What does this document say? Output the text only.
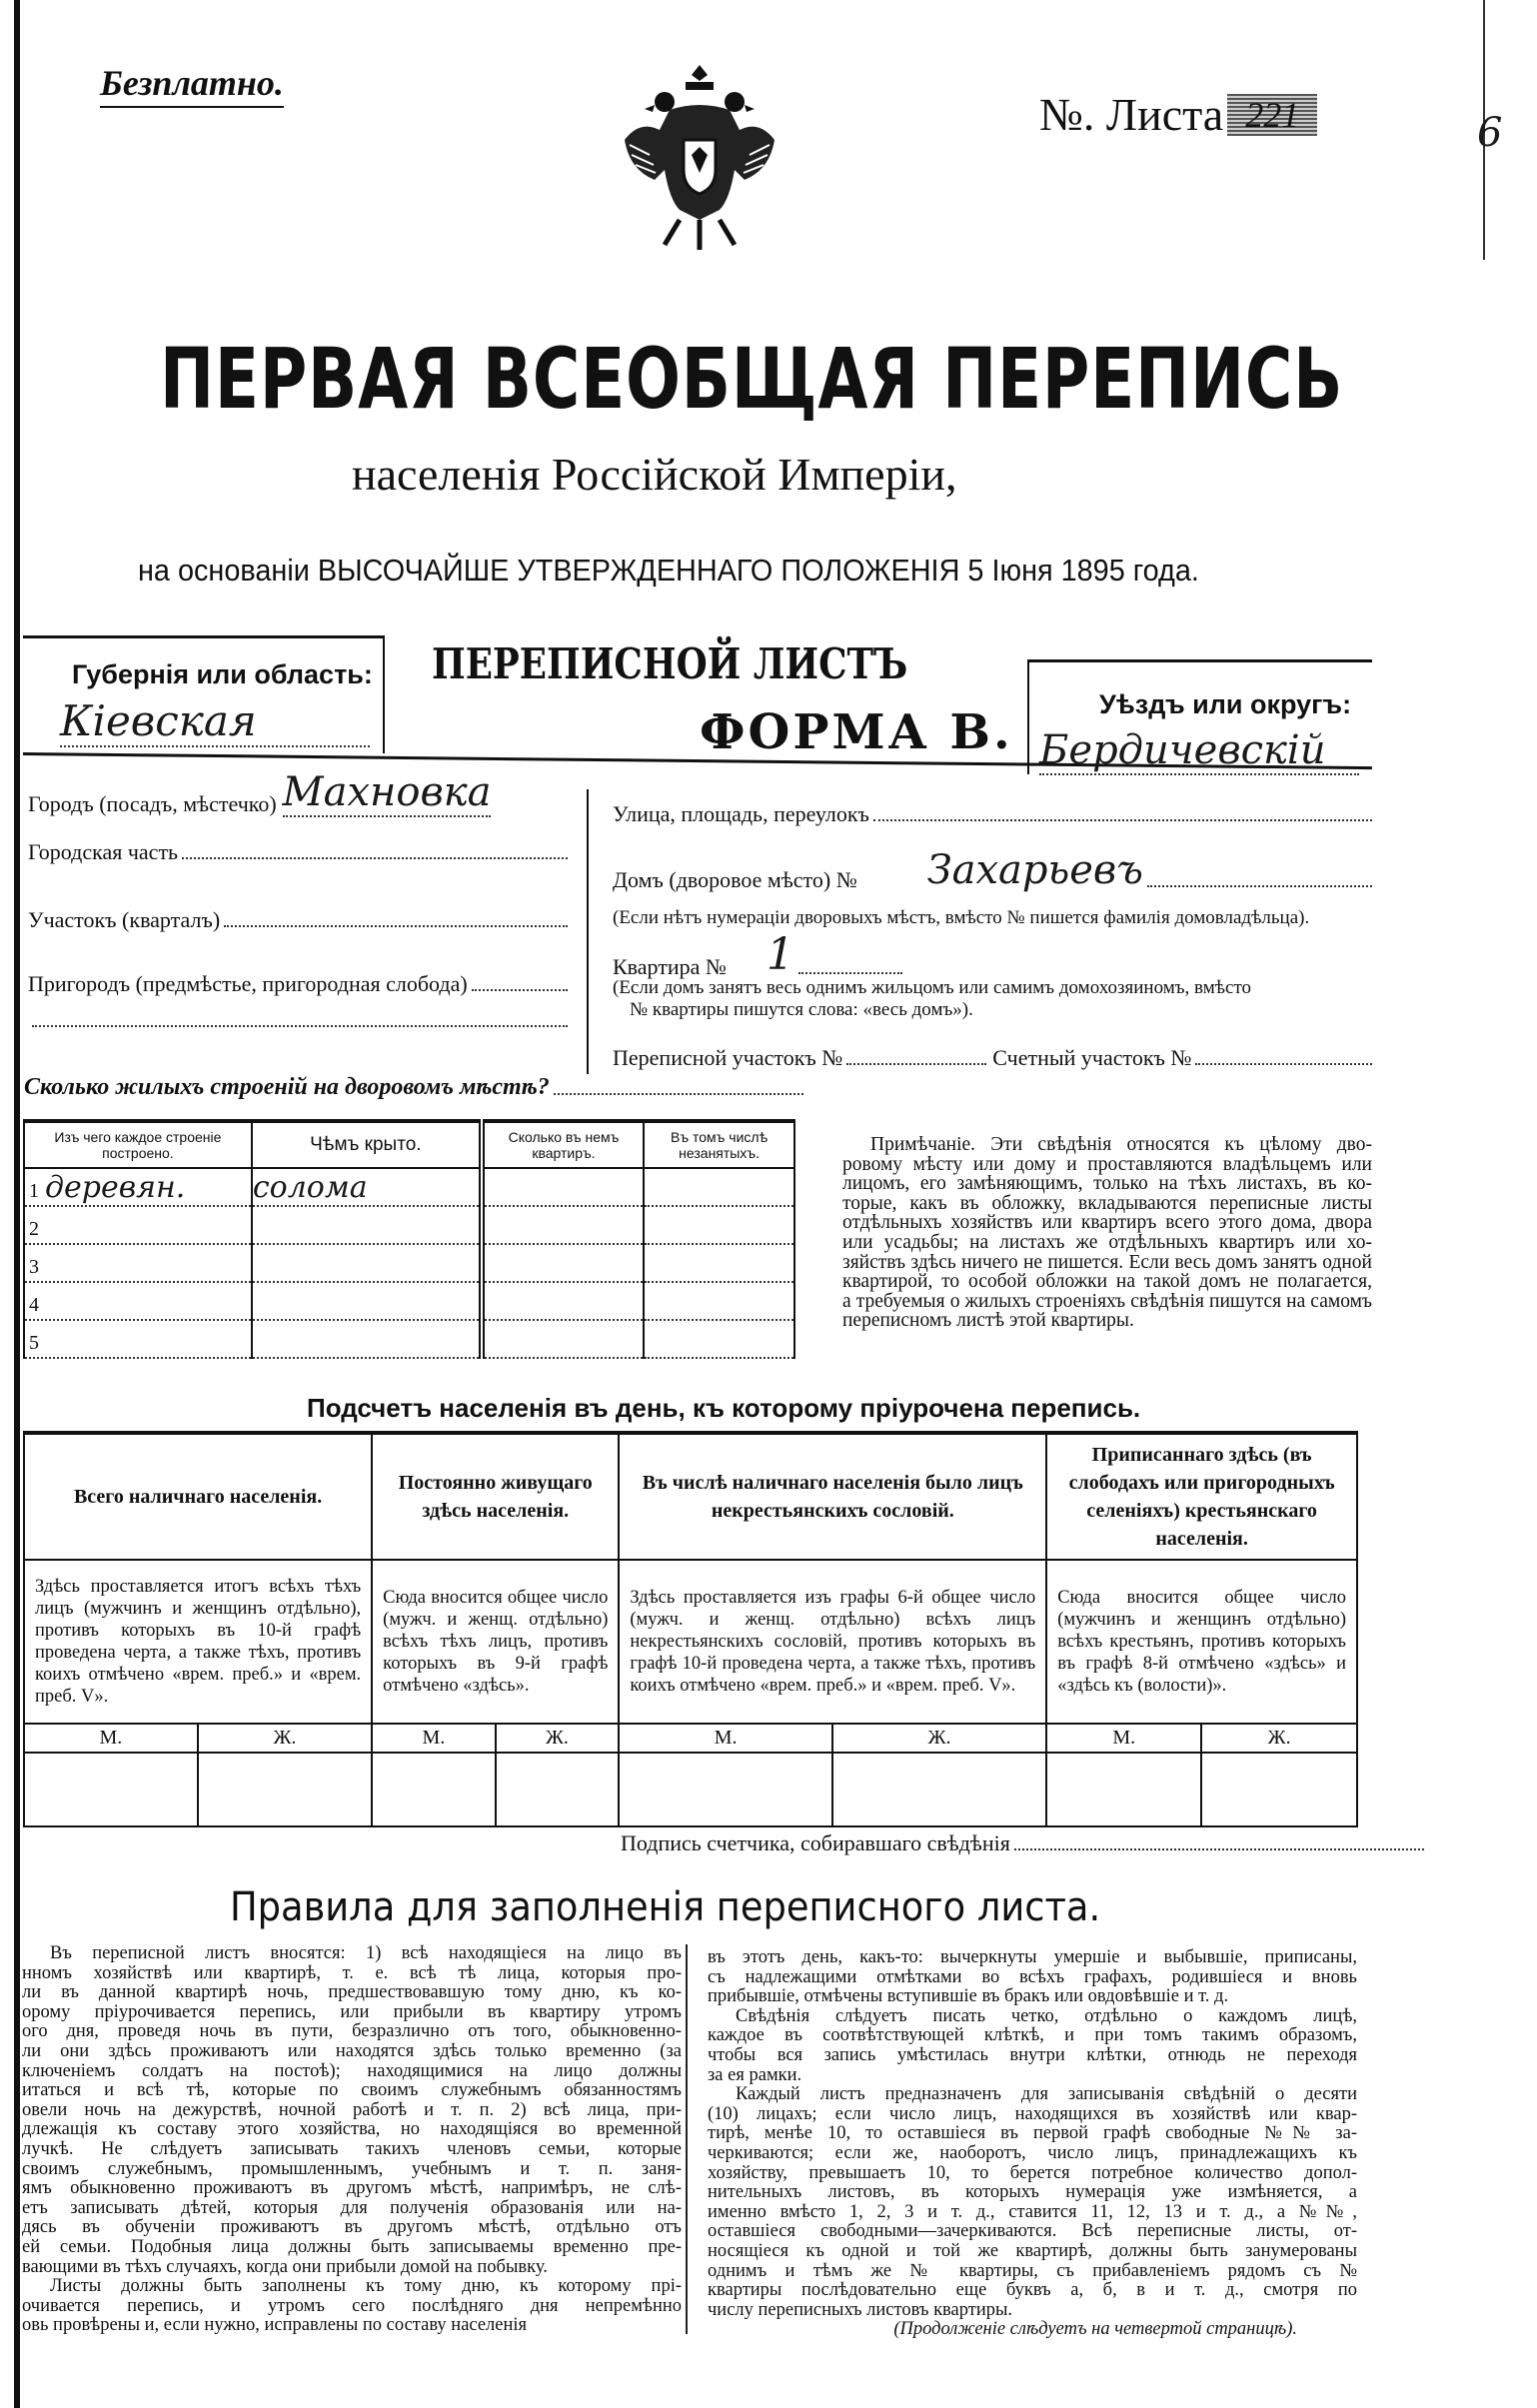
Безплатно.
№. Листа 221	6
ПЕРВАЯ ВСЕОБЩАЯ ПЕРЕПИСЬ
населенія Россійской Имперіи,
на основаніи ВЫСОЧАЙШЕ УТВЕРЖДЕННАГО ПОЛОЖЕНІЯ 5 Іюня 1895 года.
Губернія или область:
Кіевская
ПЕРЕПИСНОЙ ЛИСТЪ
ФОРМА В.	Уѣздъ или округъ:
Бердичевскій
Городъ (посадъ, мѣстечко) Махновка
Городская часть
Участокъ (кварталъ)
Пригородъ (предмѣстье, пригородная слобода)
Улица, площадь, переулокъ
Домъ (дворовое мѣсто) № Захарьевъ
(Если нѣтъ нумераціи дворовыхъ мѣстъ, вмѣсто № пишется фамилія домовладѣльца).
Квартира № 1
(Если домъ занятъ весь однимъ жильцомъ или самимъ домохозяиномъ, вмѣсто
№ квартиры пишутся слова: «весь домъ»).
Переписной участокъ №	Счетный участокъ №
Сколько жилыхъ строеній на дворовомъ мѣстѣ?
Изъ чего каждое строеніе построено.	Чѣмъ крыто.	Сколько въ немъ квартиръ.	Въ томъ числѣ незанятыхъ.
1 деревян.	солома		
2			
3			
4			
5			
Примѣчаніе. Эти свѣдѣнія относятся къ цѣлому дво-
ровому мѣсту или дому и проставляются владѣльцемъ или
лицомъ, его замѣняющимъ, только на тѣхъ листахъ, въ ко-
торые, какъ въ обложку, вкладываются переписные листы
отдѣльныхъ хозяйствъ или квартиръ всего этого дома, двора
или усадьбы; на листахъ же отдѣльныхъ квартиръ или хо-
зяйствъ здѣсь ничего не пишется. Если весь домъ занятъ одной
квартирой, то особой обложки на такой домъ не полагается,
а требуемыя о жилыхъ строеніяхъ свѣдѣнія пишутся на самомъ
переписномъ листѣ этой квартиры.
Подсчетъ населенія въ день, къ которому пріурочена перепись.
Всего наличнаго населенія.		Постоянно живущаго здѣсь населенія.		Въ числѣ наличнаго населенія было лицъ некрестьянскихъ сословій.		Приписаннаго здѣсь (въ слободахъ или пригородныхъ селеніяхъ) крестьянскаго населенія.	
Здѣсь проставляется итогъ всѣхъ тѣхъ лицъ (мужчинъ и женщинъ отдѣльно), противъ которыхъ въ 10-й графѣ проведена черта, а также тѣхъ, противъ коихъ отмѣчено «врем. преб.» и «врем. преб. V».		Сюда вносится общее число (мужч. и женщ. отдѣльно) всѣхъ тѣхъ лицъ, противъ которыхъ въ 9-й графѣ отмѣчено «здѣсь».		Здѣсь проставляется изъ графы 6-й общее число (мужч. и женщ. отдѣльно) всѣхъ лицъ некрестьянскихъ сословій, противъ которыхъ въ графѣ 10-й проведена черта, а также тѣхъ, противъ коихъ отмѣчено «врем. преб.» и «врем. преб. V».		Сюда вносится общее число (мужчинъ и женщинъ отдѣльно) всѣхъ крестьянъ, противъ которыхъ въ графѣ 8-й отмѣчено «здѣсь» и «здѣсь къ (волости)».	
М.	Ж.	М.	Ж.	М.	Ж.	М.	Ж.

Подпись счетчика, собиравшаго свѣдѣнія
Правила для заполненія переписного листа.
Въ переписной листъ вносятся: 1) всѣ находящіеся на лицо въ
нномъ хозяйствѣ или квартирѣ, т. е. всѣ тѣ лица, которыя про-
ли въ данной квартирѣ ночь, предшествовавшую тому дню, къ ко-
орому пріурочивается перепись, или прибыли въ квартиру утромъ
ого дня, проведя ночь въ пути, безразлично отъ того, обыкновенно-
ли они здѣсь проживаютъ или находятся здѣсь только временно (за
ключеніемъ солдатъ на постоѣ); находящимися на лицо должны
итаться и всѣ тѣ, которые по своимъ служебнымъ обязанностямъ
овели ночь на дежурствѣ, ночной работѣ и т. п. 2) всѣ лица, при-
длежащія къ составу этого хозяйства, но находящіяся во временной
лучкѣ. Не слѣдуетъ записывать такихъ членовъ семьи, которые
своимъ служебнымъ, промышленнымъ, учебнымъ и т. п. заня-
ямъ обыкновенно проживаютъ въ другомъ мѣстѣ, напримѣръ, не слѣ-
етъ записывать дѣтей, которыя для полученія образованія или на-
дясь въ обученіи проживаютъ въ другомъ мѣстѣ, отдѣльно отъ
ей семьи. Подобныя лица должны быть записываемы временно пре-
вающими въ тѣхъ случаяхъ, когда они прибыли домой на побывку.
Листы должны быть заполнены къ тому дню, къ которому прі-
очивается перепись, и утромъ сего послѣдняго дня непремѣнно
овь провѣрены и, если нужно, исправлены по составу населенія
въ этотъ день, какъ-то: вычеркнуты умершіе и выбывшіе, приписаны,
съ надлежащими отмѣтками во всѣхъ графахъ, родившіеся и вновь
прибывшіе, отмѣчены вступившіе въ бракъ или овдовѣвшіе и т. д.
Свѣдѣнія слѣдуетъ писать четко, отдѣльно о каждомъ лицѣ,
каждое въ соотвѣтствующей клѣткѣ, и при томъ такимъ образомъ,
чтобы вся запись умѣстилась внутри клѣтки, отнюдь не переходя
за ея рамки.
Каждый листъ предназначенъ для записыванія свѣдѣній о десяти
(10) лицахъ; если число лицъ, находящихся въ хозяйствѣ или квар-
тирѣ, менѣе 10, то оставшіеся въ первой графѣ свободные №№ за-
черкиваются; если же, наоборотъ, число лицъ, принадлежащихъ къ
хозяйству, превышаетъ 10, то берется потребное количество допол-
нительныхъ листовъ, въ которыхъ нумерація уже измѣняется, а
именно вмѣсто 1, 2, 3 и т. д., ставится 11, 12, 13 и т. д., а №№,
оставшіеся свободными—зачеркиваются. Всѣ переписные листы, от-
носящіеся къ одной и той же квартирѣ, должны быть занумерованы
однимъ и тѣмъ же № квартиры, съ прибавленіемъ рядомъ съ №
квартиры послѣдовательно еще буквъ а, б, в и т. д., смотря по
числу переписныхъ листовъ квартиры.
(Продолженіе слѣдуетъ на четвертой страницѣ).
